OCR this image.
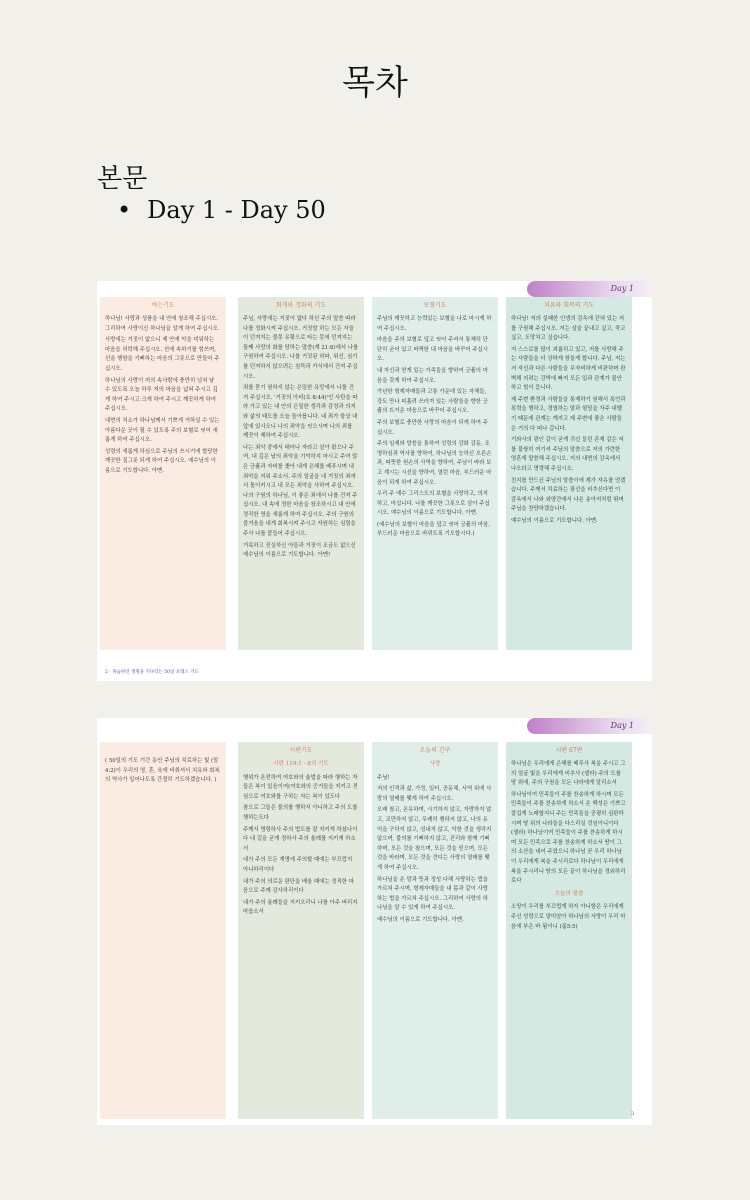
목차
본문
• Day 1 - Day 50
Day 1
여는기도

하나님! 사랑과 성품을 내 안에 창조해 주십시오. 그리하여 사랑이신 하나님을 알게 하여 주십시오.

사랑에는 거짓이 없으니 제 안에 악을 미워하는 마음을 허락해 주십시오. 선에 속하기를 힘쓰며, 선을 행함을 기뻐하는 마음의 그릇으로 만들어 주십시오.

하나님의 사랑이 저의 속사람에 충만히 넘쳐 날 수 있도록 오늘 하루 저의 마음을 넓혀 주시고 깊게 하여 주시고 크게 하여 주시고 깨끗하게 하여 주십시오.

내면의 처소가 하나님께서 기쁘게 거하실 수 있는 아름다운 곳이 될 수 있도록 주의 보혈로 씻어 새롭게 하여 주십시오.

성령의 새롭게 하심으로 주님의 쓰시기에 합당한 깨끗한 질그릇 되게 하여 주십시오. 예수님의 이름으로 기도합니다. 아멘.

회개와 정화의 기도

주님, 사랑에는 거짓이 없다 하신 주의 말씀 따라 나를 정화시켜 주십시오. 거짓말 하는 모든 자들이 던져지는 불못 유황으로 타는 못에 던져지는 둘째 사망의 화를 당하는 말씀(계 21:8)에서 나를 구원하여 주십시오. 나를 거짓된 허파, 위선, 심기를 던져하지 않으려는 침묵과 가식에서 건져 주십시오.

죄를 묻기 원하지 않는 은밀한 욕망에서 나를 건져 주십시오. '거짓의 아비(요 8:44)'인 사탄을 따라 가고 있는 내 안의 은밀한 생각과 감정과 의지와 삶의 태도를 오늘 돌아봅니다. 네 죄가 항상 내 앞에 있사오니 나의 죄악을 씻으시며 나의 죄를 깨끗이 제하여 주십시오.

나는 죄악 중에서 태어나 자라고 살아 왔으나 주여, 내 깊은 날의 죄악을 기억하지 마시고 주여 많은 긍휼과 자비를 좇아 내게 은혜를 베푸시며 내 죄악을 지워 주소서. 주의 얼굴을 내 거짓의 죄에서 돌이키시고 내 모든 죄악을 사하여 주십시오. 나의 구원의 하나님, 이 좋은 죄에서 나를 건져 주십시오. 내 속에 정한 마음을 창조하시고 내 안에 정직한 영을 새롭게 하여 주십시오. 주의 구원의 즐거움을 내게 회복시켜 주시고 자원하는 심령을 주사 나를 붙들어 주십시오.

거룩하고 진실하신 아들과 거짓이 조금도 없으신 예수님의 이름으로 기도합니다. 아멘!

보혈기도

주님의 깨끗하고 능력있는 보혈을 나로 마시게 하여 주십시오.

마음을 주의 보혈로 덮고 씻어 주셔서 통체히 단단히 굳어 있고 바짝한 내 마음을 바꾸어 주십시오.

내 자신과 얻게 있는 가족들을 향하여 긍휼의 마음을 갖게 하여 주십시오.

가난한 형제자매들과 고통 가운데 있는 자체들, 강도 만나 피흘려 쓰러져 있는 사람들을 향한 긍휼의 뜨거운 마음으로 바꾸어 주십시오.

주의 보혈로 충만한 사랑의 마음이 되게 하여 주십시오.

주의 임재와 말씀을 통하여 성령의 감화 감동, 조명하심과 역사를 향하여, 하나님의 능하신 오른손과, 따뜻한 원손의 사역을 향하여, 주님이 바라 보고 계시는 시선을 향하여, 열린 마음, 부드러운 마음이 되게 하여 주십시오.

우리 주 예수 그리스도의 보혈을 사랑하고, 의지하고, 마십니다. 나를 깨끗한 그릇으로 삼아 주십시오. 예수님의 이름으로 기도합니다. 아멘.

(예수님의 보혈이 마음을 덮고 씻어 긍휼의 마음, 부드러운 마음으로 바뀌도록 기도합시다.)

치유와 회복의 기도

하나님! 저의 실패한 인생의 감옥에 갇혀 있는 저를 구원해 주십시오. 저는 살을 끝내고 싶고, 죽고 싶고, 도망치고 싶습니다.

저 스스로를 많이 괴롭히고 있고, 저를 사랑해 주는 사람들을 더 상하게 함들게 합니다. 주님, 저는 저 자신과 다른 사람들을 무자비하게 비판하며 완벽해 지려는 강박에 빠져 모든 일과 관계가 불안하고 힘이 듭니다.

제 주변 환경과 사람들을 통제하기 원해서 폭언과 폭력을 행하고, 경멸하는 말과 험담을 자주 내뱉기 때문에 관계는 깨지고 제 주변에 좋은 사람들은 거의 다 떠나 갑니다.

기와사의 광인 같이 굳게 귀신 들린 존재 같은 저를 불쌍히 여기셔 주님의 말씀으로 저의 가련한 영혼에 말씀해 주십시오. 저의 내면의 감옥에서 나오라고 명령해 주십시오.

친지를 만드신 주님의 말씀이에 제가 자유를 얻겠습니다. 주께서 치료하는 광선을 비추신다면 이 감옥에서 나와 외양간에서 나온 송아지처럼 뛰며 주님을 찬양하겠습니다.

예수님의 이름으로 기도합니다. 아멘.

2 · 목숨하인 생명을 기다리는 50일 포레스 기도
Day 1

( 50일의 기도 기간 동안 주님의 치료하는 빛 (말 4:2)이 우리의 영, 혼, 육에 비취셔서 치유와 회복의 역사가 일어나도록 간절히 기도하겠습니다. )

시편기도
시편 119:1 - 8의 기도

행위가 온전하여 여호와의 율법을 따라 행하는 자들은 복이 있음이여(여호와의 증거들을 지키고 전심으로 여호와를 구하는 자는 복이 있도다

참으로 그들은 불의를 행하지 아니하고 주의 도를 행하는도다

주께서 명령하사 주의 법도를 잘 지키게 하셨나이다 내 길을 굳게 정하사 주의 율례를 지키게 하소서

내가 주의 모든 계명에 주의할 때에는 부끄럽지 아니하리이다

내가 주의 의로운 판단을 배울 때에는 정직한 마음으로 주께 감사하리이다

내가 주의 율례들을 지키오리니 나를 아주 버리지 마옵소서

오늘의 간구
사랑

주님!

저의 인격과 삶, 가정, 일터, 공동체, 사역 위에 사랑의 열매를 맺게 하여 주십시오.

오래 참고, 온유하며, 시기하지 않고, 자랑하지 않고, 교만하지 않고, 무례히 행하지 않고, 나의 유익을 구하지 않고, 성내지 않고, 악한 것을 생각지 않으며, 불의를 기뻐하지 않고, 진리와 함께 기뻐하며, 모든 것을 참으며, 모든 것을 믿으며, 모든 것을 바라며, 모든 것을 견디는 사랑의 열매를 맺게 하여 주십시오.

하나님을 온 맘과 뜻과 정성 다해 사랑하는 법을 가르쳐 주시며, 형제자매들을 내 몸과 같이 사랑하는 법을 가르쳐 주십시오. 그리하여 사랑의 하나님을 알 수 있게 하여 주십시오.

예수님의 이름으로 기도합니다. 아멘.

시편 67편

하나님은 우리에게 은혜를 베푸사 복을 주시고 그의 얼굴 빛을 우리에게 비추사 (셀라) 주의 도를 땅 위에, 주의 구원을 모든 나라에게 알리소서

하나님이여 민족들이 주를 찬송하게 하시며 모든 민족들이 주를 찬송하게 하소서 온 백성은 기쁘고 즐겁게 노래할지니 주는 민족들을 공평히 심판하시며 땅 위의 나라들을 다스리실 것임이니이다 (셀라) 하나님이여 민족들이 주를 찬송하게 하시며 모든 민족으로 주를 찬송하게 하소서 땅이 그의 소산을 내어 주었으니 하나님 곧 우리 하나님이 우리에게 복을 주시리로다 하나님이 우리에게 복을 주시리니 땅의 모든 끝이 하나님을 경외하리로다

오늘의 말씀

소망이 우리를 부끄럽게 하지 아니함은 우리에게 주신 성령으로 말미암아 하나님의 사랑이 우리 마음에 부은 바 됨이니 (롬5:5)

3
